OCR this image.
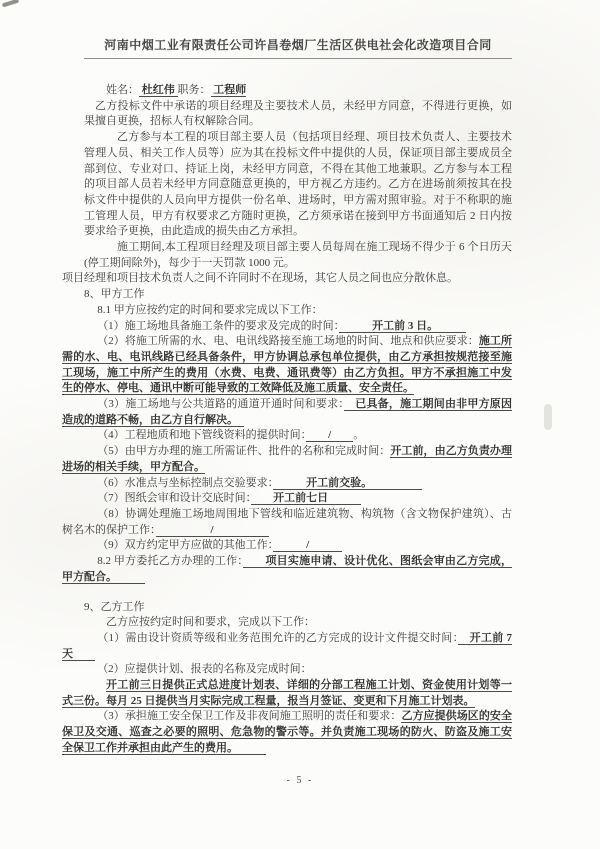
河南中烟工业有限责任公司许昌卷烟厂生活区供电社会化改造项目合同

姓名： 杜红伟 职务： 工程师

乙方投标文件中承诺的项目经理及主要技术人员，未经甲方同意，不得进行更换，如果擅自更换，招标人有权解除合同。

乙方参与本工程的项目部主要人员（包括项目经理、项目技术负责人、主要技术管理人员、相关工作人员等）应为其在投标文件中提供的人员，保证项目部主要成员全部到位、专业对口、持证上岗，未经甲方同意，不得在其他工地兼职。乙方参与本工程的项目部人员若未经甲方同意随意更换的，甲方视乙方违约。乙方在进场前须按其在投标文件中提供的人员向甲方提供一份名单、进场时，甲方需对照审验。对于不称职的施工管理人员，甲方有权要求乙方随时更换，乙方须承诺在接到甲方书面通知后 2 日内按要求给予更换，由此造成的损失由乙方承担。

施工期间,本工程项目经理及项目部主要人员每周在施工现场不得少于 6 个日历天(停工期间除外)，每少于一天罚款 1000 元。

项目经理和项目技术负责人之间不许同时不在现场，其它人员之间也应分散休息。

8、甲方工作

8.1 甲方应按约定的时间和要求完成以下工作：

（1）施工场地具备施工条件的要求及完成的时间：　　　开工前 3 日。　　　

（2）将施工所需的水、电、电讯线路接至施工场地的时间、地点和供应要求：施工所需的水、电、电讯线路已经具备条件，甲方协调总承包单位提供，由乙方承担按规范接至施工现场，施工中所产生的费用（水费、电费、通讯费等）由乙方负担。甲方不承担施工中发生的停水、停电、通讯中断可能导致的工效降低及施工质量、安全责任。

（3）施工场地与公共道路的通道开通时间和要求：　已具备，施工期间由非甲方原因造成的道路不畅，由乙方自行解决。　

（4）工程地质和地下管线资料的提供时间：　　/　　。

（5）由甲方办理的施工所需证件、批件的名称和完成时间：开工前，由乙方负责办理进场的相关手续，甲方配合。

（6）水准点与坐标控制点交验要求：　　　开工前交验。　　　　　

（7）图纸会审和设计交底时间：　　开工前七日　　　

（8）协调处理施工场地周围地下管线和临近建筑物、构筑物（含文物保护建筑）、古树名木的保护工作：　　　　　/　　　　　

（9）双方约定甲方应做的其他工作：　　　/　　　

8.2 甲方委托乙方办理的工作：　　项目实施申请、设计优化、图纸会审由乙方完成，甲方配合。　　　

9、乙方工作

乙方应按约定时间和要求，完成以下工作：

（1）需由设计资质等级和业务范围允许的乙方完成的设计文件提交时间：　开工前 7 天　　

（2）应提供计划、报表的名称及完成时间：

开工前三日提供正式总进度计划表、详细的分部工程施工计划、资金使用计划等一式三份。每月 25 日提供当月实际完成工程量，报当月签证、变更和下月施工计划表。

（3）承担施工安全保卫工作及非夜间施工照明的责任和要求：乙方应提供场区的安全保卫及交通、巡查之必要的照明、危急物的警示等。并负责施工现场的防火、防盗及施工安全保卫工作并承担由此产生的费用。　　　

- 5 -
